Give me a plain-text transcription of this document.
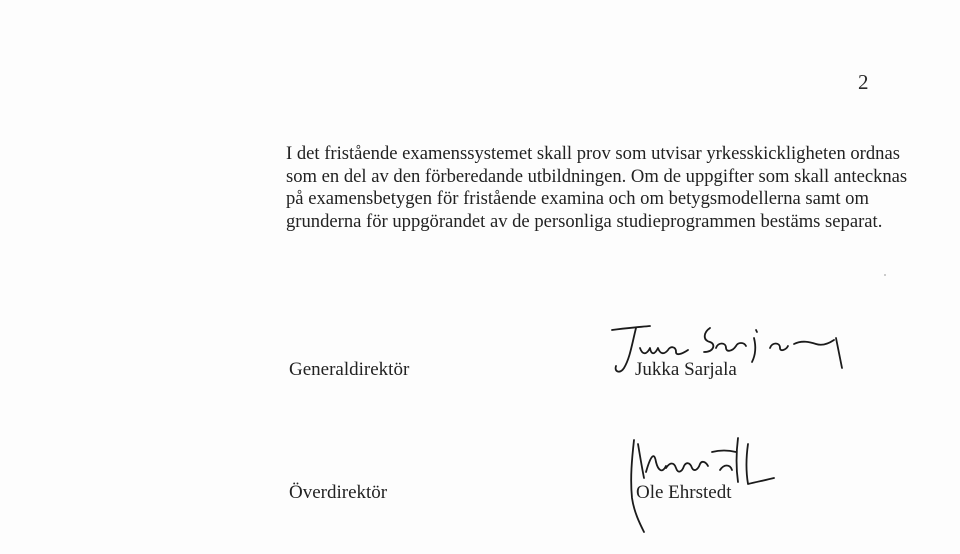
2
I det fristående examenssystemet skall prov som utvisar yrkesskickligheten ordnas
som en del av den förberedande utbildningen. Om de uppgifter som skall antecknas
på examensbetygen för fristående examina och om betygsmodellerna samt om
grunderna för uppgörandet av de personliga studieprogrammen bestäms separat.
Generaldirektör	Jukka Sarjala
Överdirektör	Ole Ehrstedt
